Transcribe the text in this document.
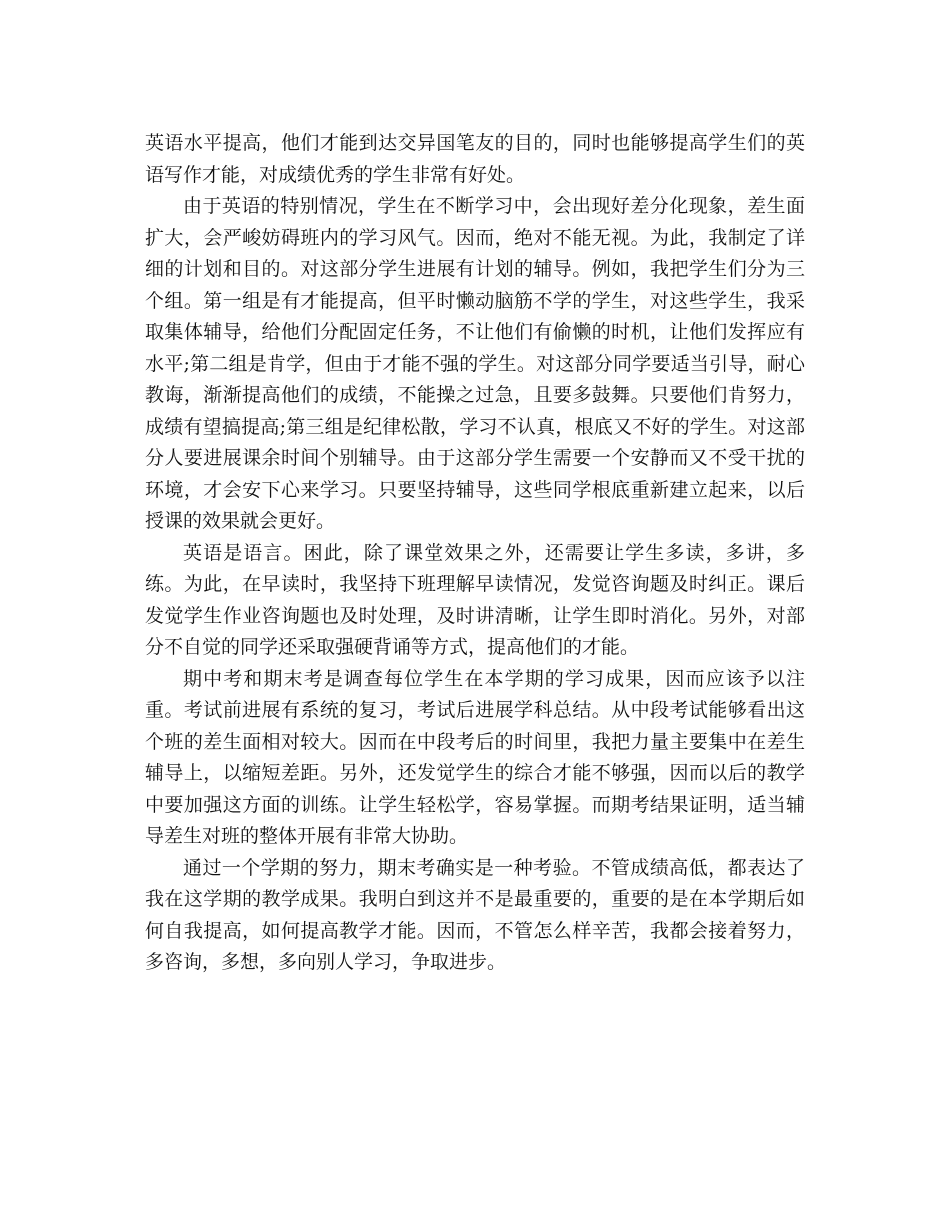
英语水平提高，他们才能到达交异国笔友的目的，同时也能够提高学生们的英语写作才能，对成绩优秀的学生非常有好处。

由于英语的特别情况，学生在不断学习中，会出现好差分化现象，差生面扩大，会严峻妨碍班内的学习风气。因而，绝对不能无视。为此，我制定了详细的计划和目的。对这部分学生进展有计划的辅导。例如，我把学生们分为三个组。第一组是有才能提高，但平时懒动脑筋不学的学生，对这些学生，我采取集体辅导，给他们分配固定任务，不让他们有偷懒的时机，让他们发挥应有水平;第二组是肯学，但由于才能不强的学生。对这部分同学要适当引导，耐心教诲，渐渐提高他们的成绩，不能操之过急，且要多鼓舞。只要他们肯努力，成绩有望搞提高;第三组是纪律松散，学习不认真，根底又不好的学生。对这部分人要进展课余时间个别辅导。由于这部分学生需要一个安静而又不受干扰的环境，才会安下心来学习。只要坚持辅导，这些同学根底重新建立起来，以后授课的效果就会更好。

英语是语言。困此，除了课堂效果之外，还需要让学生多读，多讲，多练。为此，在早读时，我坚持下班理解早读情况，发觉咨询题及时纠正。课后发觉学生作业咨询题也及时处理，及时讲清晰，让学生即时消化。另外，对部分不自觉的同学还采取强硬背诵等方式，提高他们的才能。

期中考和期末考是调查每位学生在本学期的学习成果，因而应该予以注重。考试前进展有系统的复习，考试后进展学科总结。从中段考试能够看出这个班的差生面相对较大。因而在中段考后的时间里，我把力量主要集中在差生辅导上，以缩短差距。另外，还发觉学生的综合才能不够强，因而以后的教学中要加强这方面的训练。让学生轻松学，容易掌握。而期考结果证明，适当辅导差生对班的整体开展有非常大协助。

通过一个学期的努力，期末考确实是一种考验。不管成绩高低，都表达了我在这学期的教学成果。我明白到这并不是最重要的，重要的是在本学期后如何自我提高，如何提高教学才能。因而，不管怎么样辛苦，我都会接着努力，多咨询，多想，多向别人学习，争取进步。
